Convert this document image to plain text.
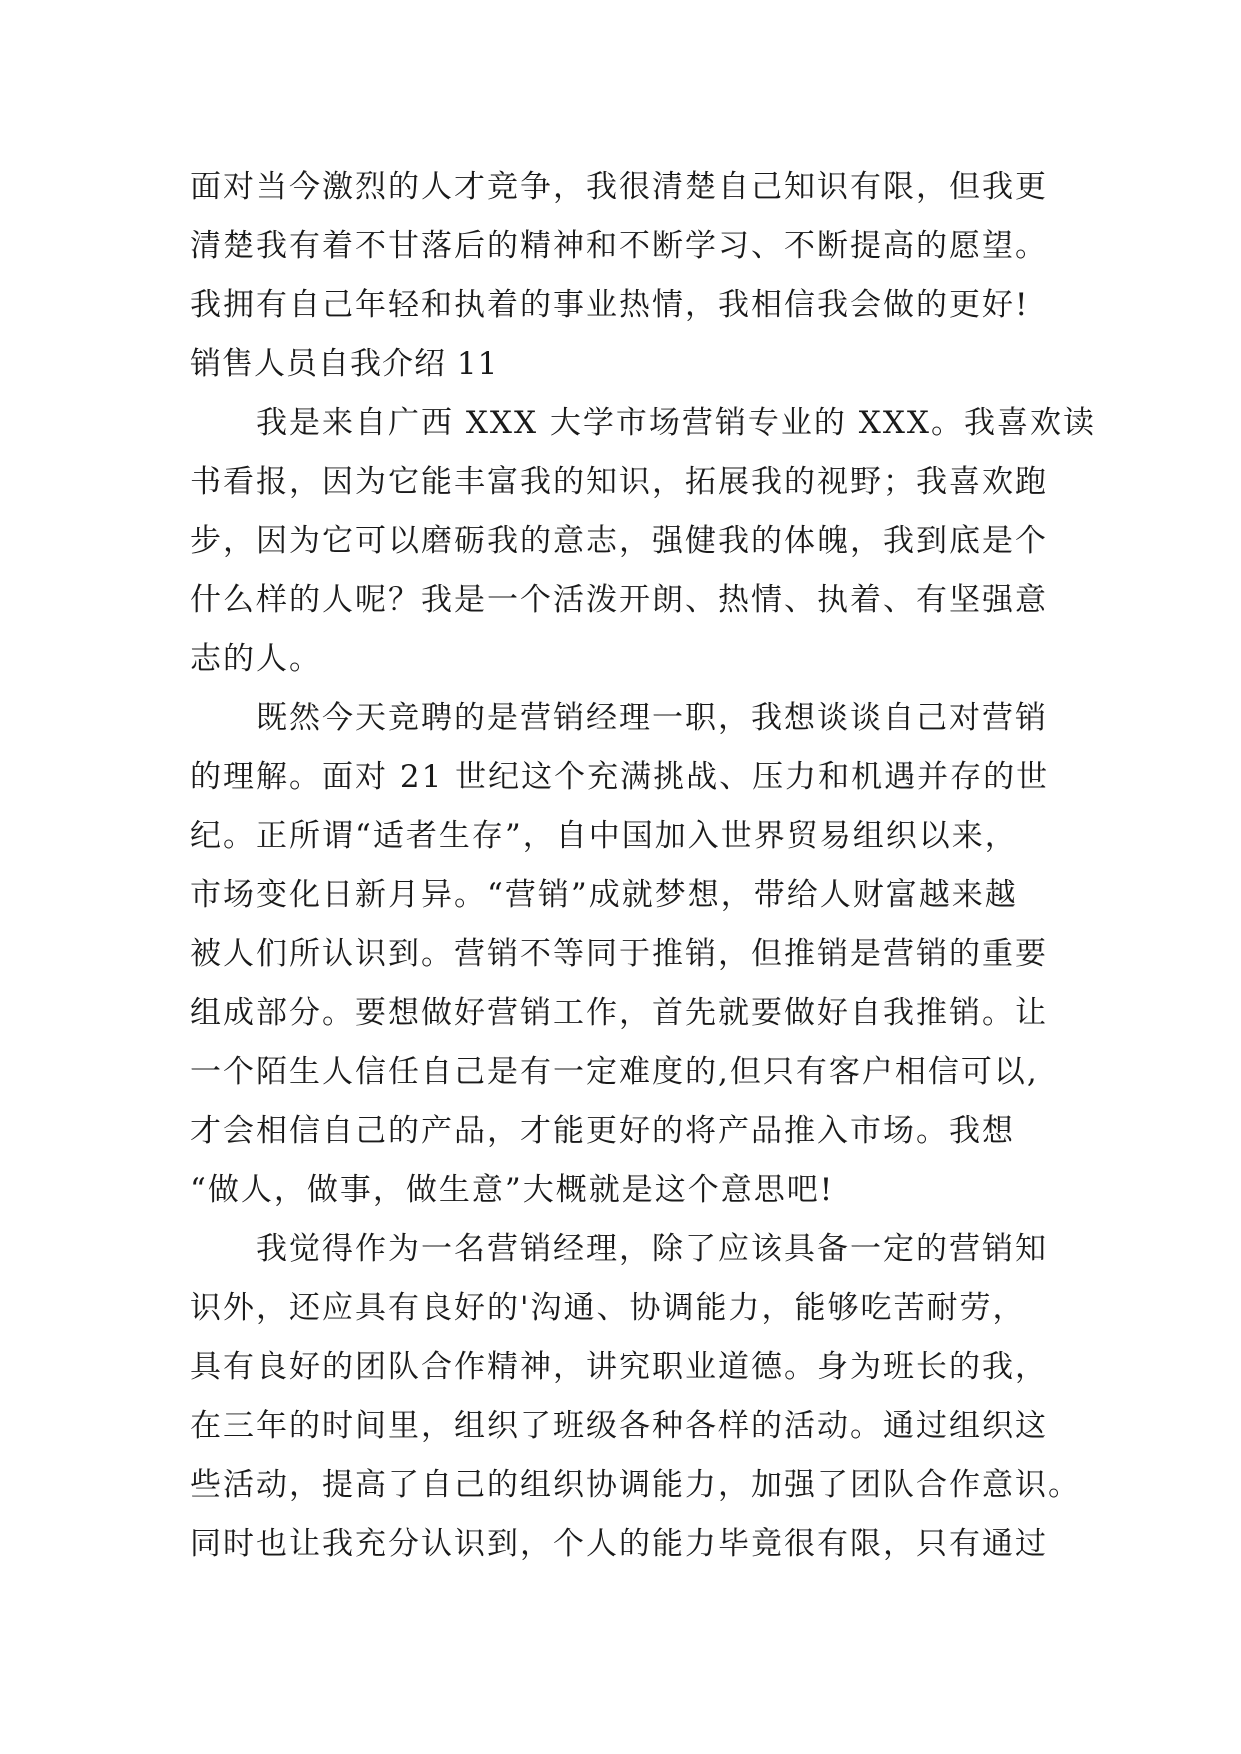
面对当今激烈的人才竞争，我很清楚自己知识有限，但我更
清楚我有着不甘落后的精神和不断学习、不断提高的愿望。
我拥有自己年轻和执着的事业热情，我相信我会做的更好!
销售人员自我介绍 11
我是来自广西 XXX 大学市场营销专业的 XXX。我喜欢读
书看报，因为它能丰富我的知识，拓展我的视野；我喜欢跑
步，因为它可以磨砺我的意志，强健我的体魄，我到底是个
什么样的人呢？我是一个活泼开朗、热情、执着、有坚强意
志的人。
既然今天竞聘的是营销经理一职，我想谈谈自己对营销
的理解。面对 21 世纪这个充满挑战、压力和机遇并存的世
纪。正所谓“适者生存”，自中国加入世界贸易组织以来，
市场变化日新月异。“营销”成就梦想，带给人财富越来越
被人们所认识到。营销不等同于推销，但推销是营销的重要
组成部分。要想做好营销工作，首先就要做好自我推销。让
一个陌生人信任自己是有一定难度的,但只有客户相信可以,
才会相信自己的产品，才能更好的将产品推入市场。我想
“做人，做事，做生意”大概就是这个意思吧!
我觉得作为一名营销经理，除了应该具备一定的营销知
识外，还应具有良好的'沟通、协调能力，能够吃苦耐劳，
具有良好的团队合作精神，讲究职业道德。身为班长的我，
在三年的时间里，组织了班级各种各样的活动。通过组织这
些活动，提高了自己的组织协调能力，加强了团队合作意识。
同时也让我充分认识到，个人的能力毕竟很有限，只有通过
